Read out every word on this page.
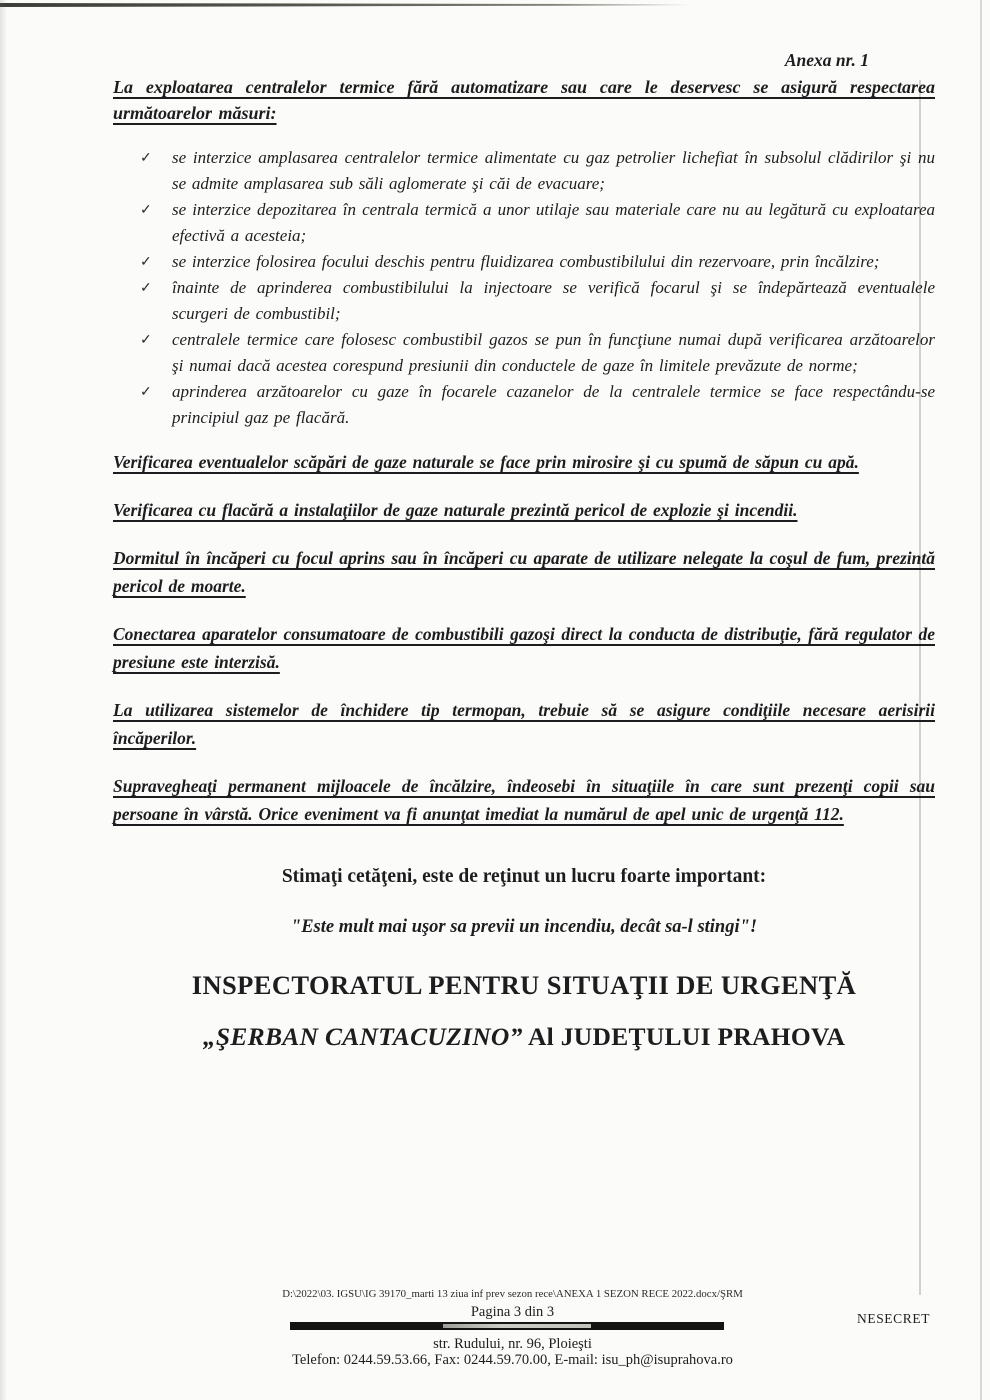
Anexa nr. 1
La exploatarea centralelor termice fără automatizare sau care le deservesc se asigură respectarea următoarelor măsuri:
✓ se interzice amplasarea centralelor termice alimentate cu gaz petrolier lichefiat în subsolul clădirilor şi nu se admite amplasarea sub săli aglomerate şi căi de evacuare;
✓ se interzice depozitarea în centrala termică a unor utilaje sau materiale care nu au legătură cu exploatarea efectivă a acesteia;
✓ se interzice folosirea focului deschis pentru fluidizarea combustibilului din rezervoare, prin încălzire;
✓ înainte de aprinderea combustibilului la injectoare se verifică focarul şi se îndepărtează eventualele scurgeri de combustibil;
✓ centralele termice care folosesc combustibil gazos se pun în funcţiune numai după verificarea arzătoarelor şi numai dacă acestea corespund presiunii din conductele de gaze în limitele prevăzute de norme;
✓ aprinderea arzătoarelor cu gaze în focarele cazanelor de la centralele termice se face respectându-se principiul gaz pe flacără.
Verificarea eventualelor scăpări de gaze naturale se face prin mirosire şi cu spumă de săpun cu apă.
Verificarea cu flacără a instalaţiilor de gaze naturale prezintă pericol de explozie şi incendii.
Dormitul în încăperi cu focul aprins sau în încăperi cu aparate de utilizare nelegate la coşul de fum, prezintă pericol de moarte.
Conectarea aparatelor consumatoare de combustibili gazoşi direct la conducta de distribuţie, fără regulator de presiune este interzisă.
La utilizarea sistemelor de închidere tip termopan, trebuie să se asigure condiţiile necesare aerisirii încăperilor.
Supravegheaţi permanent mijloacele de încălzire, îndeosebi în situaţiile în care sunt prezenţi copii sau persoane în vârstă. Orice eveniment va fi anunţat imediat la numărul de apel unic de urgenţă 112.
Stimaţi cetăţeni, este de reţinut un lucru foarte important:
"Este mult mai uşor sa previi un incendiu, decât sa-l stingi"!
INSPECTORATUL PENTRU SITUAŢII DE URGENŢĂ
„ŞERBAN CANTACUZINO” Al JUDEŢULUI PRAHOVA
D:\2022\03. IGSU\IG 39170_marti 13 ziua inf prev sezon rece\ANEXA 1 SEZON RECE 2022.docx/ŞRM
Pagina 3 din 3	NESECRET
str. Rudului, nr. 96, Ploieşti
Telefon: 0244.59.53.66, Fax: 0244.59.70.00, E-mail: isu_ph@isuprahova.ro
